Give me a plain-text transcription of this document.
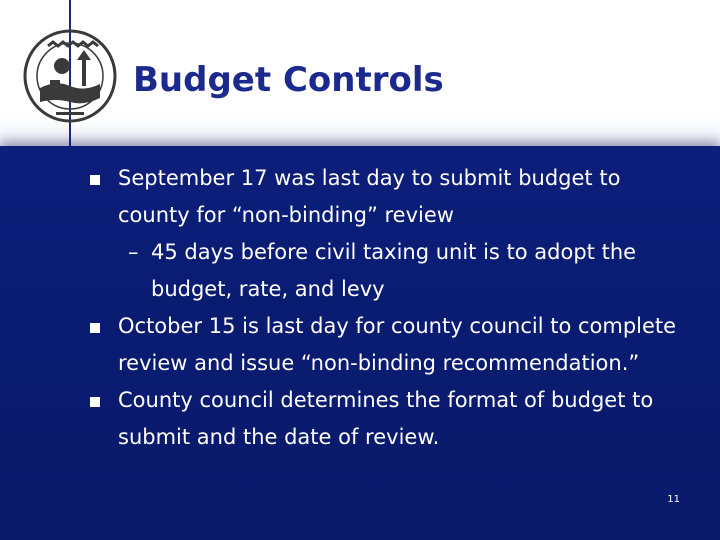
Budget Controls
September 17 was last day to submit budget to county for “non-binding” review
– 45 days before civil taxing unit is to adopt the budget, rate, and levy
October 15 is last day for county council to complete review and issue “non-binding recommendation.”
County council determines the format of budget to submit and the date of review.
11
